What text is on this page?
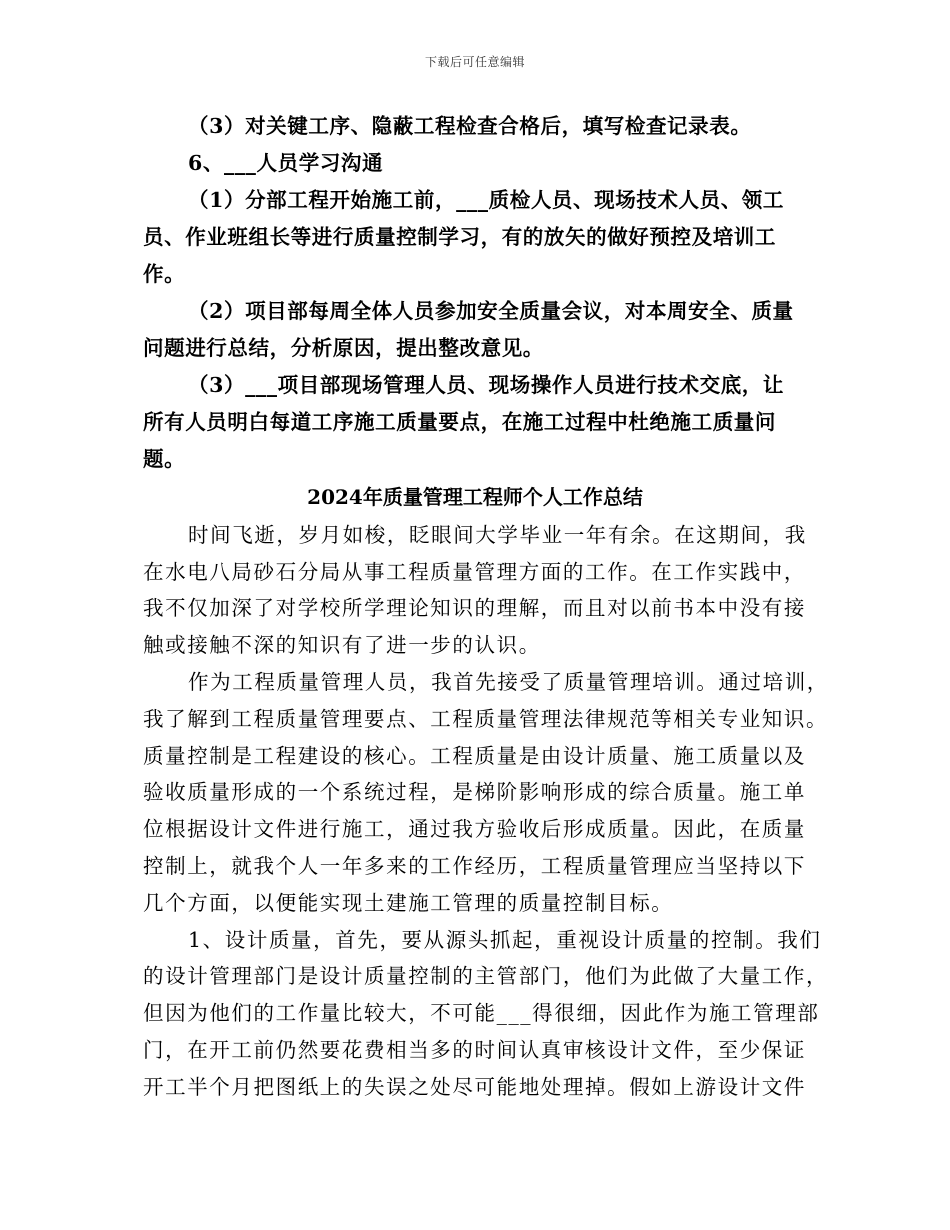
下载后可任意编辑
（3）对关键工序、隐蔽工程检查合格后，填写检查记录表。
6、___人员学习沟通
（1）分部工程开始施工前，___质检人员、现场技术人员、领工
员、作业班组长等进行质量控制学习，有的放矢的做好预控及培训工
作。
（2）项目部每周全体人员参加安全质量会议，对本周安全、质量
问题进行总结，分析原因，提出整改意见。
（3）___项目部现场管理人员、现场操作人员进行技术交底，让
所有人员明白每道工序施工质量要点，在施工过程中杜绝施工质量问
题。
2024年质量管理工程师个人工作总结
时间飞逝，岁月如梭，眨眼间大学毕业一年有余。在这期间，我
在水电八局砂石分局从事工程质量管理方面的工作。在工作实践中，
我不仅加深了对学校所学理论知识的理解，而且对以前书本中没有接
触或接触不深的知识有了进一步的认识。
作为工程质量管理人员，我首先接受了质量管理培训。通过培训，
我了解到工程质量管理要点、工程质量管理法律规范等相关专业知识。
质量控制是工程建设的核心。工程质量是由设计质量、施工质量以及
验收质量形成的一个系统过程，是梯阶影响形成的综合质量。施工单
位根据设计文件进行施工，通过我方验收后形成质量。因此，在质量
控制上，就我个人一年多来的工作经历，工程质量管理应当坚持以下
几个方面，以便能实现土建施工管理的质量控制目标。
1、设计质量，首先，要从源头抓起，重视设计质量的控制。我们
的设计管理部门是设计质量控制的主管部门，他们为此做了大量工作，
但因为他们的工作量比较大，不可能___得很细，因此作为施工管理部
门，在开工前仍然要花费相当多的时间认真审核设计文件，至少保证
开工半个月把图纸上的失误之处尽可能地处理掉。假如上游设计文件
